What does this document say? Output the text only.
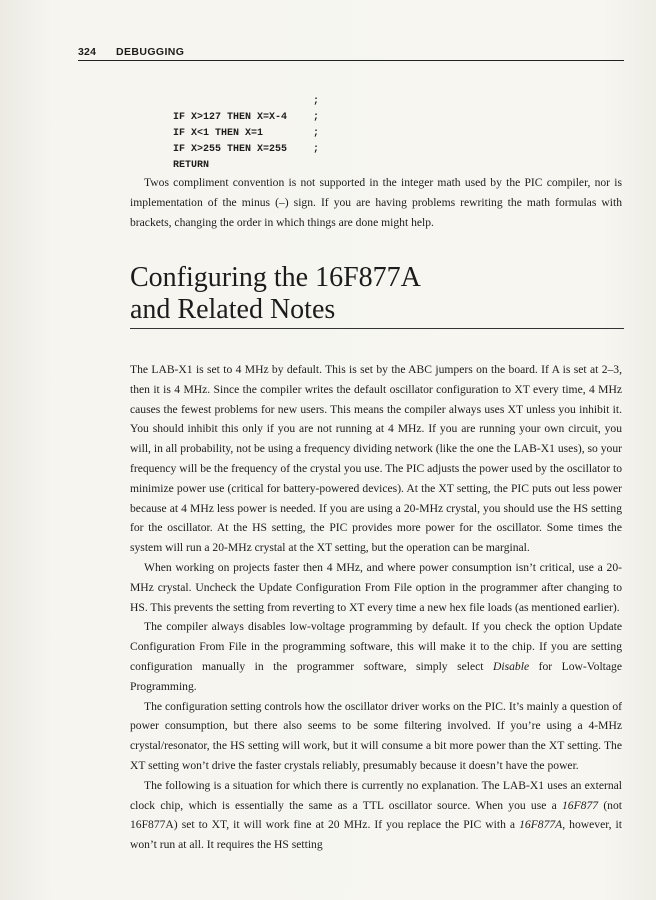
324 DEBUGGING

IF X>127 THEN X=X-4

;

IF X<1 THEN X=1

;

IF X>255 THEN X=255

;

RETURN

;

Twos compliment convention is not supported in the integer math used by the PIC compiler, nor is implementation of the minus (–) sign. If you are having problems rewriting the math formulas with brackets, changing the order in which things are done might help.

Configuring the 16F877A
and Related Notes

The LAB-X1 is set to 4 MHz by default. This is set by the ABC jumpers on the board. If A is set at 2–3, then it is 4 MHz. Since the compiler writes the default oscillator configuration to XT every time, 4 MHz causes the fewest problems for new users. This means the compiler always uses XT unless you inhibit it. You should inhibit this only if you are not running at 4 MHz. If you are running your own circuit, you will, in all probability, not be using a frequency dividing network (like the one the LAB-X1 uses), so your frequency will be the frequency of the crystal you use. The PIC adjusts the power used by the oscillator to minimize power use (critical for battery-powered devices). At the XT setting, the PIC puts out less power because at 4 MHz less power is needed. If you are using a 20-MHz crystal, you should use the HS setting for the oscillator. At the HS setting, the PIC provides more power for the oscillator. Some times the system will run a 20-MHz crystal at the XT setting, but the operation can be marginal.

When working on projects faster then 4 MHz, and where power consumption isn’t critical, use a 20-MHz crystal. Uncheck the Update Configuration From File option in the programmer after changing to HS. This prevents the setting from reverting to XT every time a new hex file loads (as mentioned earlier).

The compiler always disables low-voltage programming by default. If you check the option Update Configuration From File in the programming software, this will make it to the chip. If you are setting configuration manually in the programmer software, simply select Disable for Low-Voltage Programming.

The configuration setting controls how the oscillator driver works on the PIC. It’s mainly a question of power consumption, but there also seems to be some filtering involved. If you’re using a 4-MHz crystal/resonator, the HS setting will work, but it will consume a bit more power than the XT setting. The XT setting won’t drive the faster crystals reliably, presumably because it doesn’t have the power.

The following is a situation for which there is currently no explanation. The LAB-X1 uses an external clock chip, which is essentially the same as a TTL oscillator source. When you use a 16F877 (not 16F877A) set to XT, it will work fine at 20 MHz. If you replace the PIC with a 16F877A, however, it won’t run at all. It requires the HS setting
